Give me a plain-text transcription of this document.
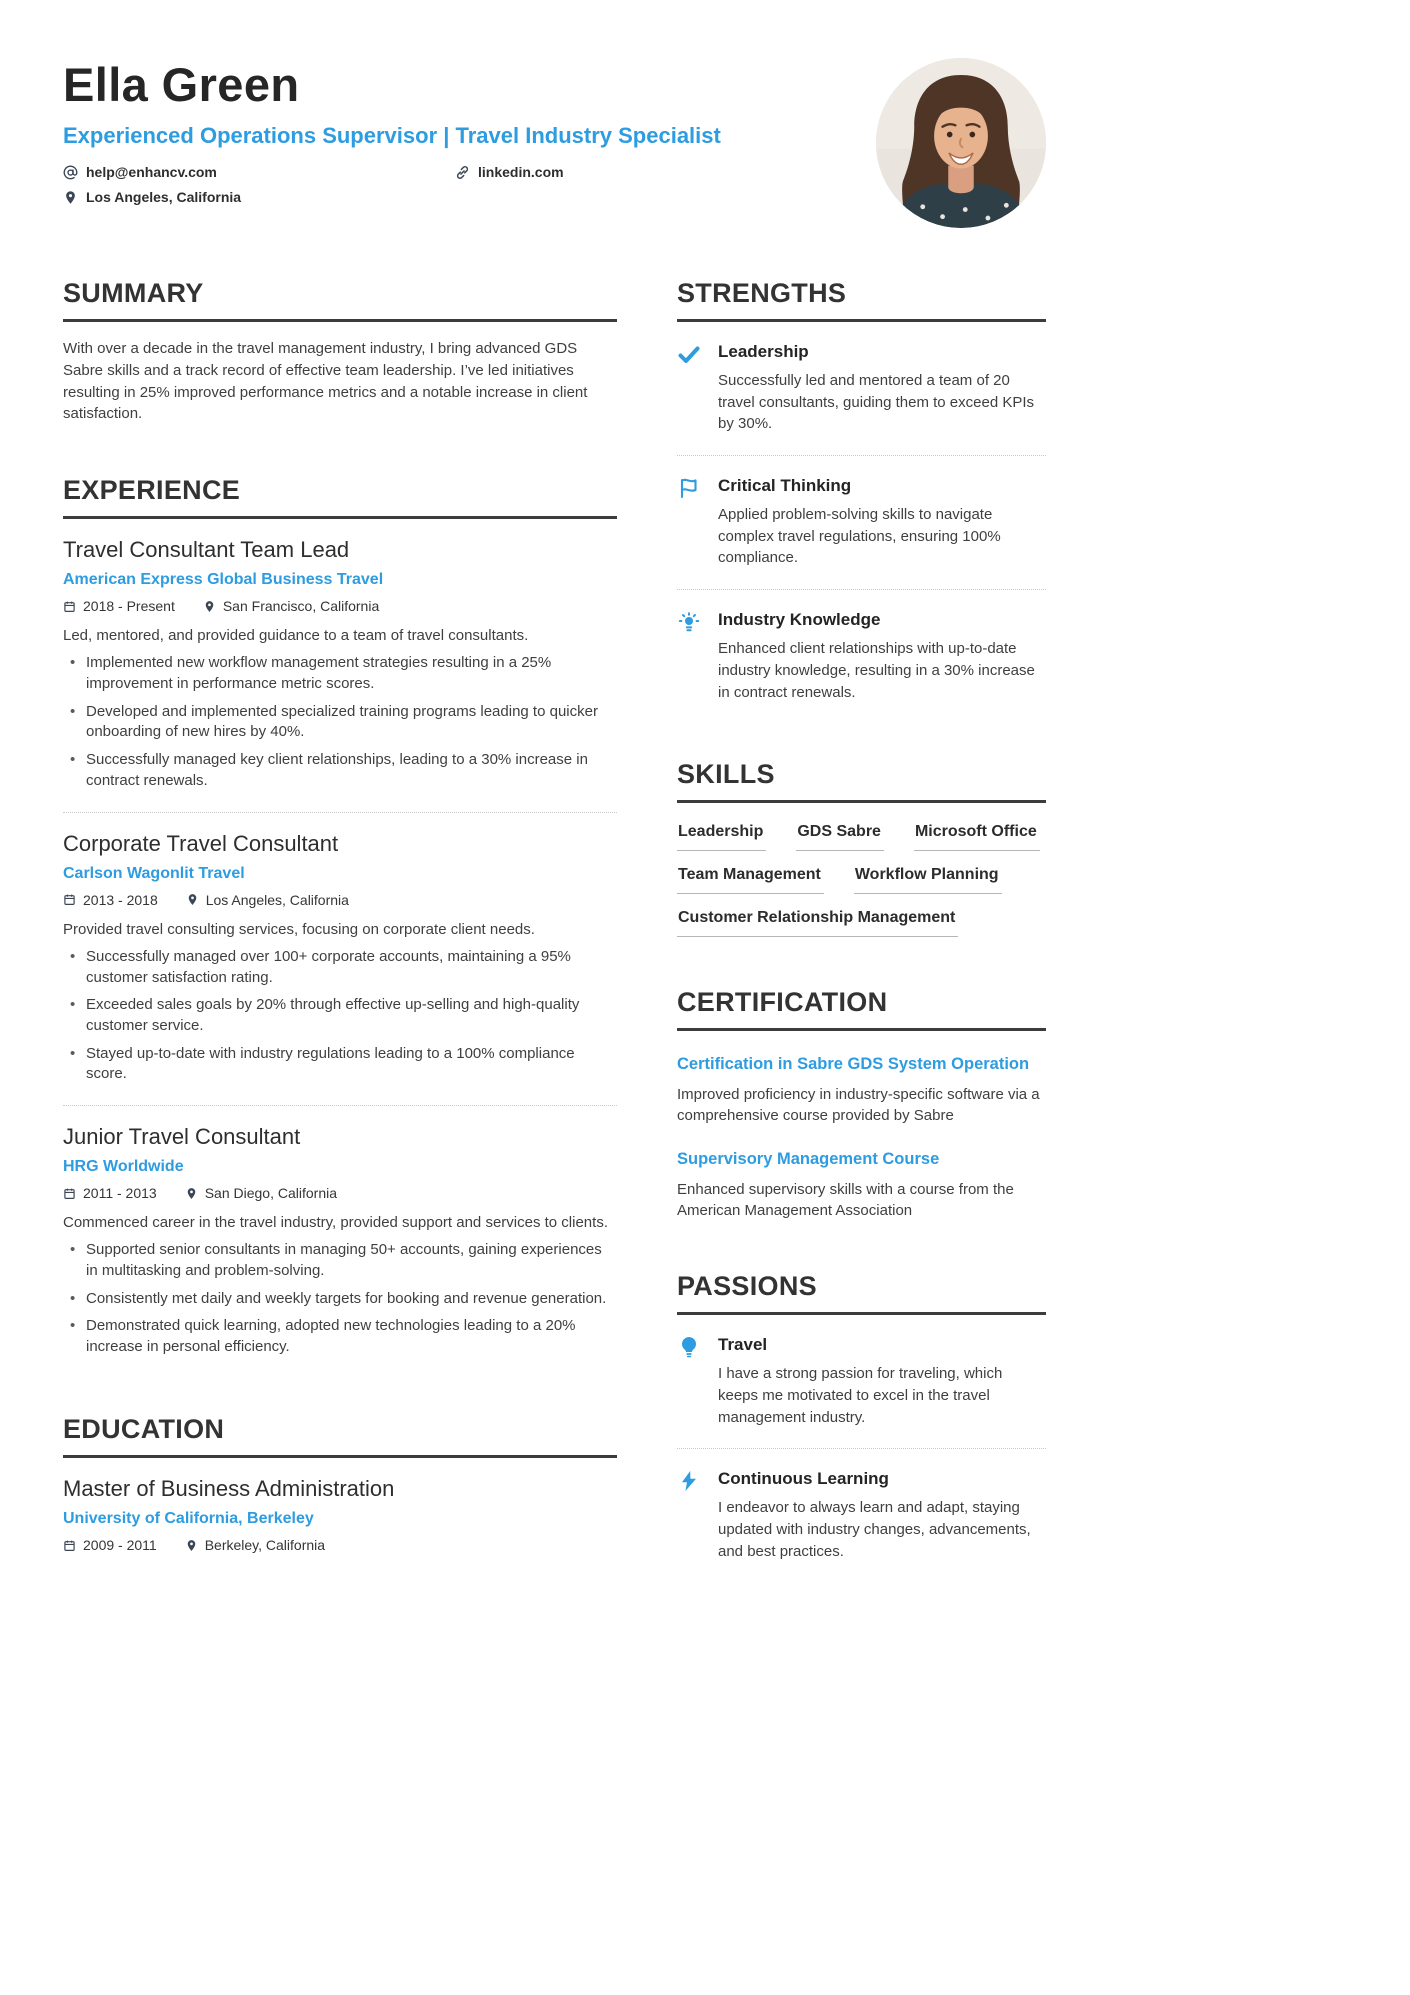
Ella Green
Experienced Operations Supervisor | Travel Industry Specialist
help@enhancv.com	linkedin.com
Los Angeles, California
SUMMARY

With over a decade in the travel management industry, I bring advanced GDS Sabre skills and a track record of effective team leadership. I’ve led initiatives resulting in 25% improved performance metrics and a notable increase in client satisfaction.

EXPERIENCE
Travel Consultant Team Lead
American Express Global Business Travel
2018 - Present	San Francisco, California

Led, mentored, and provided guidance to a team of travel consultants.

• Implemented new workflow management strategies resulting in a 25% improvement in performance metric scores.
• Developed and implemented specialized training programs leading to quicker onboarding of new hires by 40%.
• Successfully managed key client relationships, leading to a 30% increase in contract renewals.
Corporate Travel Consultant
Carlson Wagonlit Travel
2013 - 2018	Los Angeles, California

Provided travel consulting services, focusing on corporate client needs.

• Successfully managed over 100+ corporate accounts, maintaining a 95% customer satisfaction rating.
• Exceeded sales goals by 20% through effective up-selling and high-quality customer service.
• Stayed up-to-date with industry regulations leading to a 100% compliance score.
Junior Travel Consultant
HRG Worldwide
2011 - 2013	San Diego, California

Commenced career in the travel industry, provided support and services to clients.

• Supported senior consultants in managing 50+ accounts, gaining experiences in multitasking and problem-solving.
• Consistently met daily and weekly targets for booking and revenue generation.
• Demonstrated quick learning, adopted new technologies leading to a 20% increase in personal efficiency.
EDUCATION
Master of Business Administration
University of California, Berkeley
2009 - 2011	Berkeley, California
STRENGTHS
Leadership
Successfully led and mentored a team of 20 travel consultants, guiding them to exceed KPIs by 30%.
Critical Thinking
Applied problem-solving skills to navigate complex travel regulations, ensuring 100% compliance.
Industry Knowledge
Enhanced client relationships with up-to-date industry knowledge, resulting in a 30% increase in contract renewals.
SKILLS
Leadership GDS Sabre Microsoft Office
Team Management Workflow Planning
Customer Relationship Management
CERTIFICATION
Certification in Sabre GDS System Operation
Improved proficiency in industry-specific software via a comprehensive course provided by Sabre
Supervisory Management Course
Enhanced supervisory skills with a course from the American Management Association
PASSIONS
Travel
I have a strong passion for traveling, which keeps me motivated to excel in the travel management industry.
Continuous Learning
I endeavor to always learn and adapt, staying updated with industry changes, advancements, and best practices.
